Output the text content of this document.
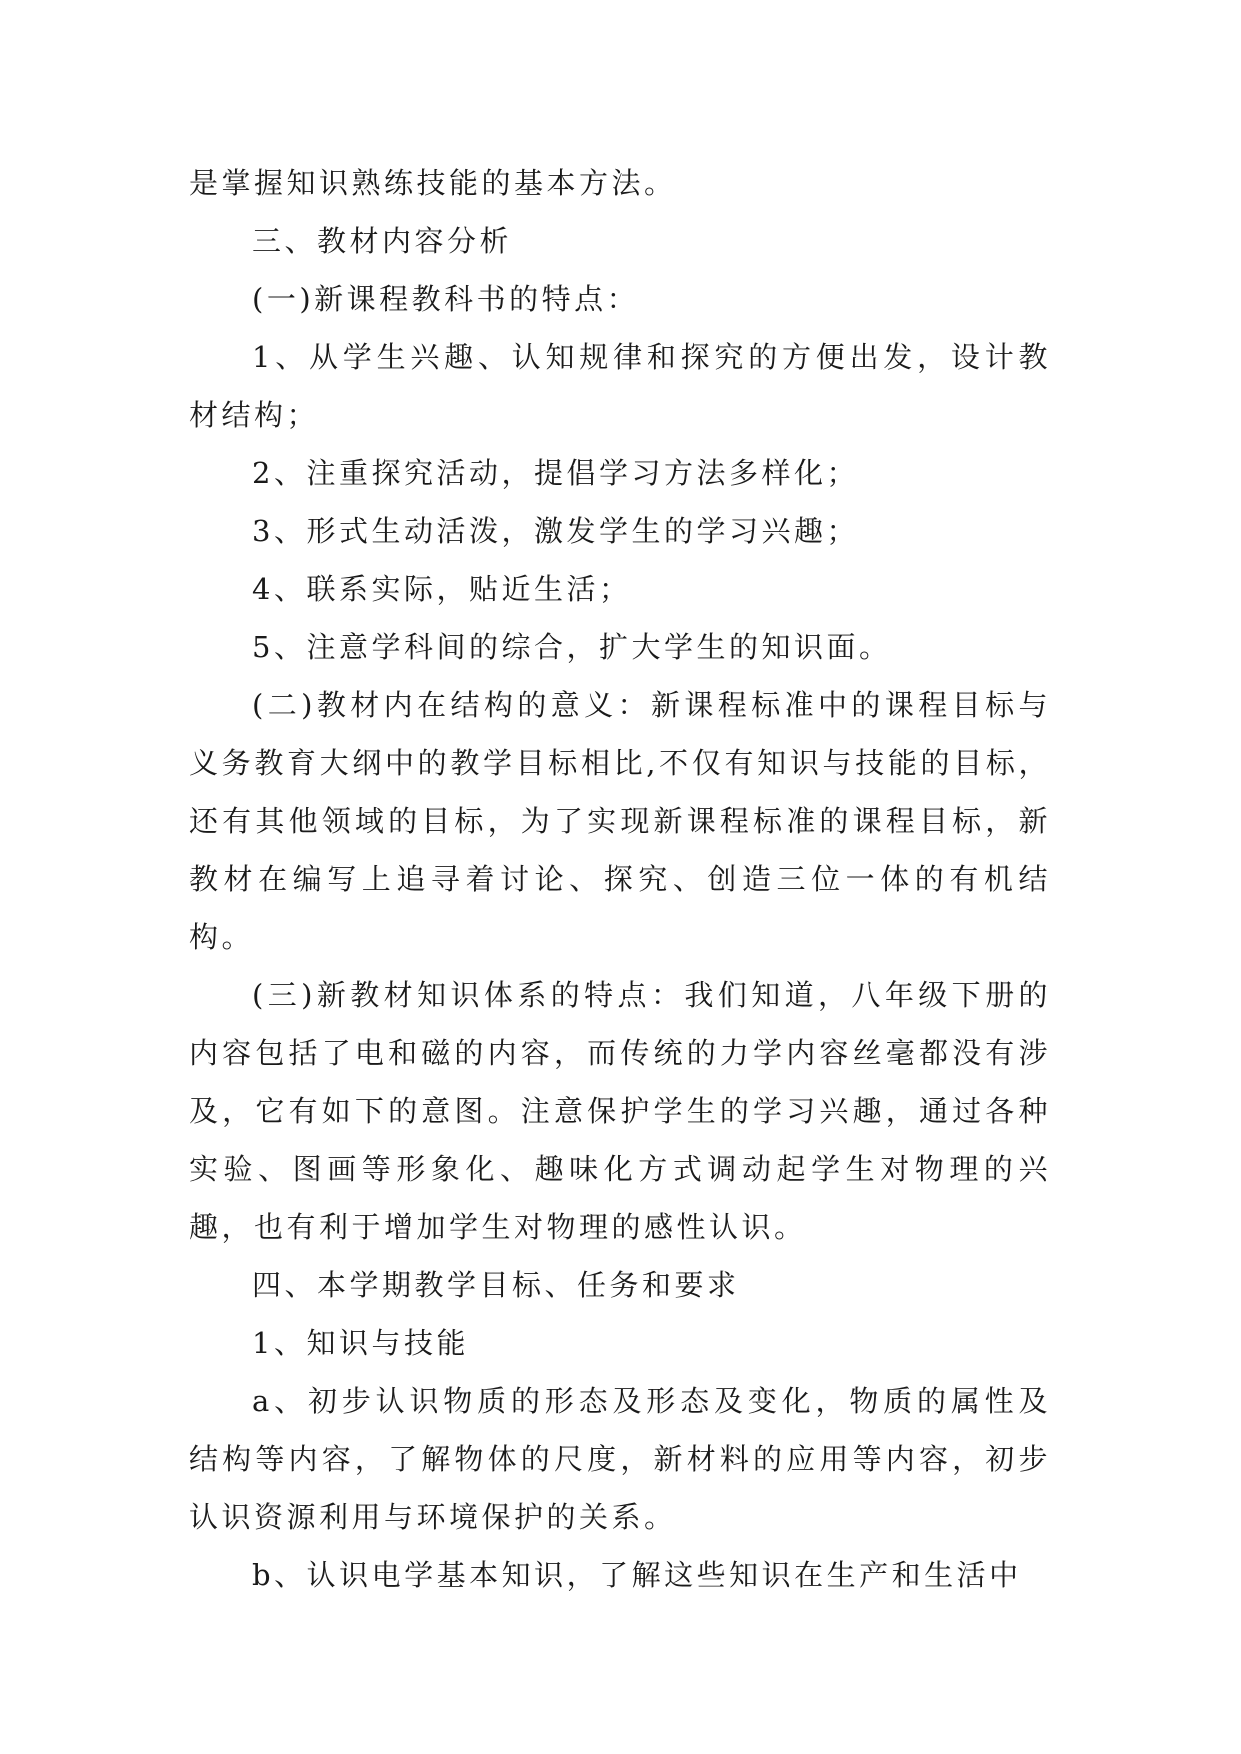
是掌握知识熟练技能的基本方法。

三、教材内容分析

(一)新课程教科书的特点：

1、从学生兴趣、认知规律和探究的方便出发，设计教材结构；

2、注重探究活动，提倡学习方法多样化；

3、形式生动活泼，激发学生的学习兴趣；

4、联系实际，贴近生活；

5、注意学科间的综合，扩大学生的知识面。

(二)教材内在结构的意义：新课程标准中的课程目标与义务教育大纲中的教学目标相比,不仅有知识与技能的目标，还有其他领域的目标，为了实现新课程标准的课程目标，新教材在编写上追寻着讨论、探究、创造三位一体的有机结构。

(三)新教材知识体系的特点：我们知道，八年级下册的内容包括了电和磁的内容，而传统的力学内容丝毫都没有涉及，它有如下的意图。注意保护学生的学习兴趣，通过各种实验、图画等形象化、趣味化方式调动起学生对物理的兴趣，也有利于增加学生对物理的感性认识。

四、本学期教学目标、任务和要求

1、知识与技能

a、初步认识物质的形态及形态及变化，物质的属性及结构等内容，了解物体的尺度，新材料的应用等内容，初步认识资源利用与环境保护的关系。

b、认识电学基本知识，了解这些知识在生产和生活中
